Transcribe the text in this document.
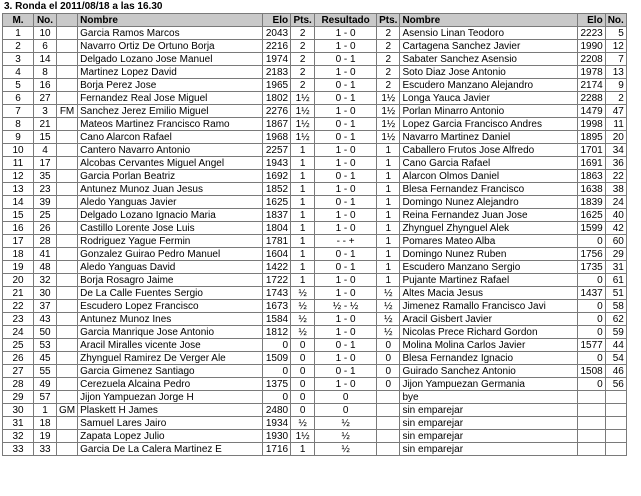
3. Ronda el 2011/08/18 a las 16.30
M.	No.		Nombre	Elo	Pts.	Resultado	Pts.	Nombre	Elo	No.
1	10		Garcia Ramos Marcos	2043	2	1 - 0	2	Asensio Linan Teodoro	2223	5
2	6		Navarro Ortiz De Ortuno Borja	2216	2	1 - 0	2	Cartagena Sanchez Javier	1990	12
3	14		Delgado Lozano Jose Manuel	1974	2	0 - 1	2	Sabater Sanchez Asensio	2208	7
4	8		Martinez Lopez David	2183	2	1 - 0	2	Soto Diaz Jose Antonio	1978	13
5	16		Borja Perez Jose	1965	2	0 - 1	2	Escudero Manzano Alejandro	2174	9
6	27		Fernandez Real Jose Miguel	1802	1½	0 - 1	1½	Longa Yauca Javier	2288	2
7	3	FM	Sanchez Jerez Emilio Miguel	2276	1½	1 - 0	1½	Porlan Minarro Antonio	1479	47
8	21		Mateos Martinez Francisco Ramo	1867	1½	0 - 1	1½	Lopez Garcia Francisco Andres	1998	11
9	15		Cano Alarcon Rafael	1968	1½	0 - 1	1½	Navarro Martinez Daniel	1895	20
10	4		Cantero Navarro Antonio	2257	1	1 - 0	1	Caballero Frutos Jose Alfredo	1701	34
11	17		Alcobas Cervantes Miguel Angel	1943	1	1 - 0	1	Cano Garcia Rafael	1691	36
12	35		Garcia Porlan Beatriz	1692	1	0 - 1	1	Alarcon Olmos Daniel	1863	22
13	23		Antunez Munoz Juan Jesus	1852	1	1 - 0	1	Blesa Fernandez Francisco	1638	38
14	39		Aledo Yanguas Javier	1625	1	0 - 1	1	Domingo Nunez Alejandro	1839	24
15	25		Delgado Lozano Ignacio Maria	1837	1	1 - 0	1	Reina Fernandez Juan Jose	1625	40
16	26		Castillo Lorente Jose Luis	1804	1	1 - 0	1	Zhynguel Zhynguel Alek	1599	42
17	28		Rodriguez Yague Fermin	1781	1	- - +	1	Pomares Mateo Alba	0	60
18	41		Gonzalez Guirao Pedro Manuel	1604	1	0 - 1	1	Domingo Nunez Ruben	1756	29
19	48		Aledo Yanguas David	1422	1	0 - 1	1	Escudero Manzano Sergio	1735	31
20	32		Borja Rosagro Jaime	1722	1	1 - 0	1	Pujante Martinez Rafael	0	61
21	30		De La Calle Fuentes Sergio	1743	½	1 - 0	½	Altes Macia Jesus	1437	51
22	37		Escudero Lopez Francisco	1673	½	½ - ½	½	Jimenez Ramallo Francisco Javi	0	58
23	43		Antunez Munoz Ines	1584	½	1 - 0	½	Aracil Gisbert Javier	0	62
24	50		Garcia Manrique Jose Antonio	1812	½	1 - 0	½	Nicolas Prece Richard Gordon	0	59
25	53		Aracil Miralles vicente Jose	0	0	0 - 1	0	Molina Molina Carlos Javier	1577	44
26	45		Zhynguel Ramirez De Verger Ale	1509	0	1 - 0	0	Blesa Fernandez Ignacio	0	54
27	55		Garcia Gimenez Santiago	0	0	0 - 1	0	Guirado Sanchez Antonio	1508	46
28	49		Cerezuela Alcaina Pedro	1375	0	1 - 0	0	Jijon Yampuezan Germania	0	56
29	57		Jijon Yampuezan Jorge H	0	0	0		bye		
30	1	GM	Plaskett H James	2480	0	0		sin emparejar		
31	18		Samuel Lares Jairo	1934	½	½		sin emparejar		
32	19		Zapata Lopez Julio	1930	1½	½		sin emparejar		
33	33		Garcia De La Calera Martinez E	1716	1	½		sin emparejar		
